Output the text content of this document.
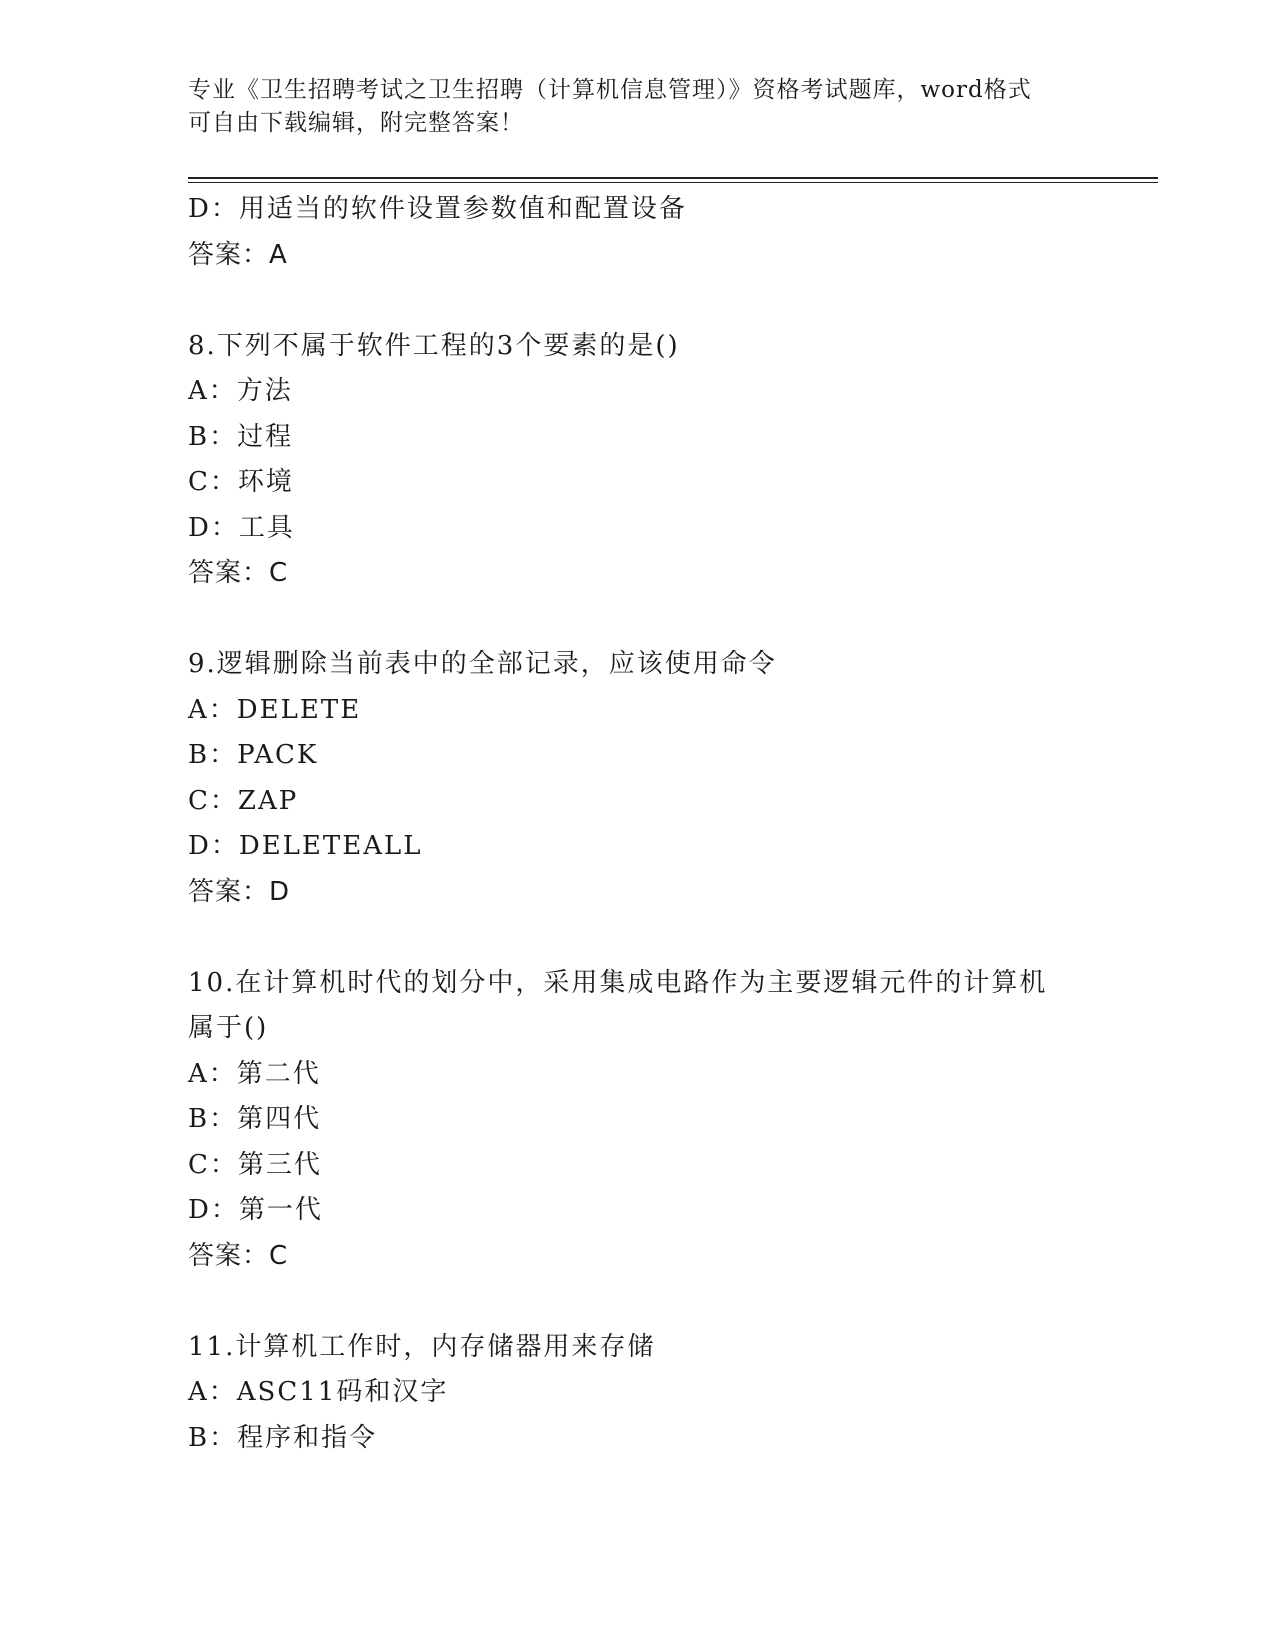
专业《卫生招聘考试之卫生招聘（计算机信息管理）》资格考试题库，word格式
可自由下载编辑，附完整答案！
D：用适当的软件设置参数值和配置设备
答案：A
8.下列不属于软件工程的3个要素的是()
A：方法
B：过程
C：环境
D：工具
答案：C
9.逻辑删除当前表中的全部记录，应该使用命令
A：DELETE
B：PACK
C：ZAP
D：DELETEALL
答案：D
10.在计算机时代的划分中，采用集成电路作为主要逻辑元件的计算机
属于()
A：第二代
B：第四代
C：第三代
D：第一代
答案：C
11.计算机工作时，内存储器用来存储
A：ASC11码和汉字
B：程序和指令
